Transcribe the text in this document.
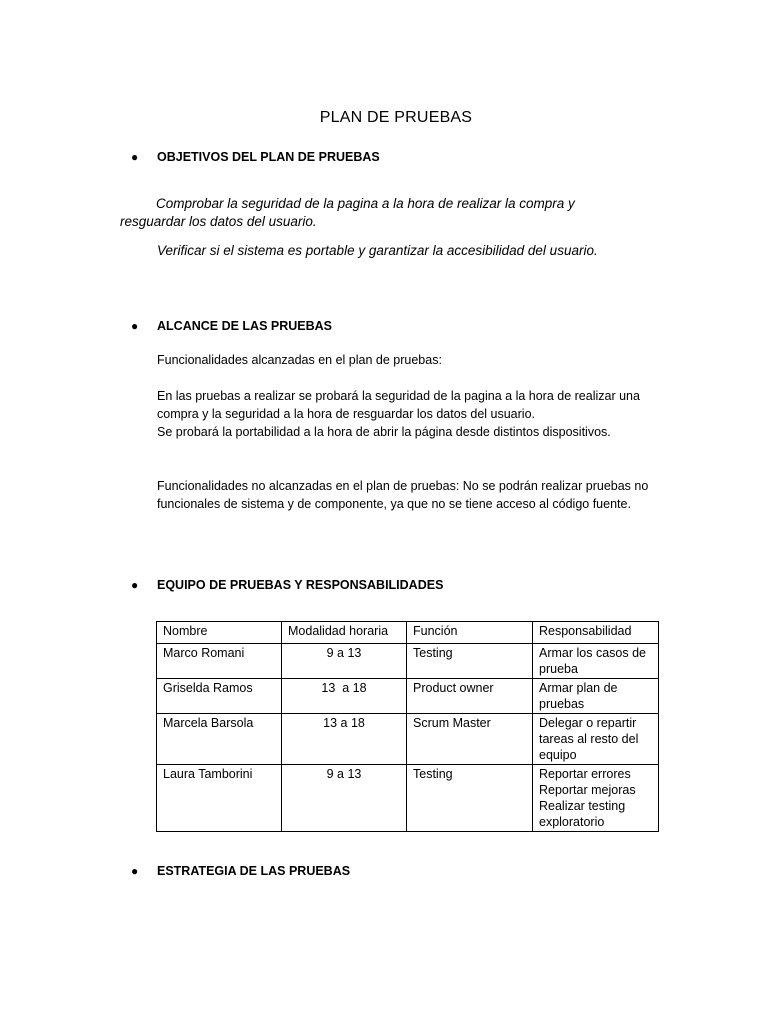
PLAN DE PRUEBAS
● OBJETIVOS DEL PLAN DE PRUEBAS
Comprobar la seguridad de la pagina a la hora de realizar la compra y resguardar los datos del usuario.
Verificar si el sistema es portable y garantizar la accesibilidad del usuario.
● ALCANCE DE LAS PRUEBAS
Funcionalidades alcanzadas en el plan de pruebas:
En las pruebas a realizar se probará la seguridad de la pagina a la hora de realizar una compra y la seguridad a la hora de resguardar los datos del usuario.
Se probará la portabilidad a la hora de abrir la página desde distintos dispositivos.
Funcionalidades no alcanzadas en el plan de pruebas: No se podrán realizar pruebas no funcionales de sistema y de componente, ya que no se tiene acceso al código fuente.
● EQUIPO DE PRUEBAS Y RESPONSABILIDADES
Nombre	Modalidad horaria	Función	Responsabilidad
Marco Romani	9 a 13	Testing	Armar los casos de prueba
Griselda Ramos	13  a 18	Product owner	Armar plan de pruebas
Marcela Barsola	13 a 18	Scrum Master	Delegar o repartir tareas al resto del equipo
Laura Tamborini	9 a 13	Testing	Reportar errores
Reportar mejoras
Realizar testing exploratorio
● ESTRATEGIA DE LAS PRUEBAS
